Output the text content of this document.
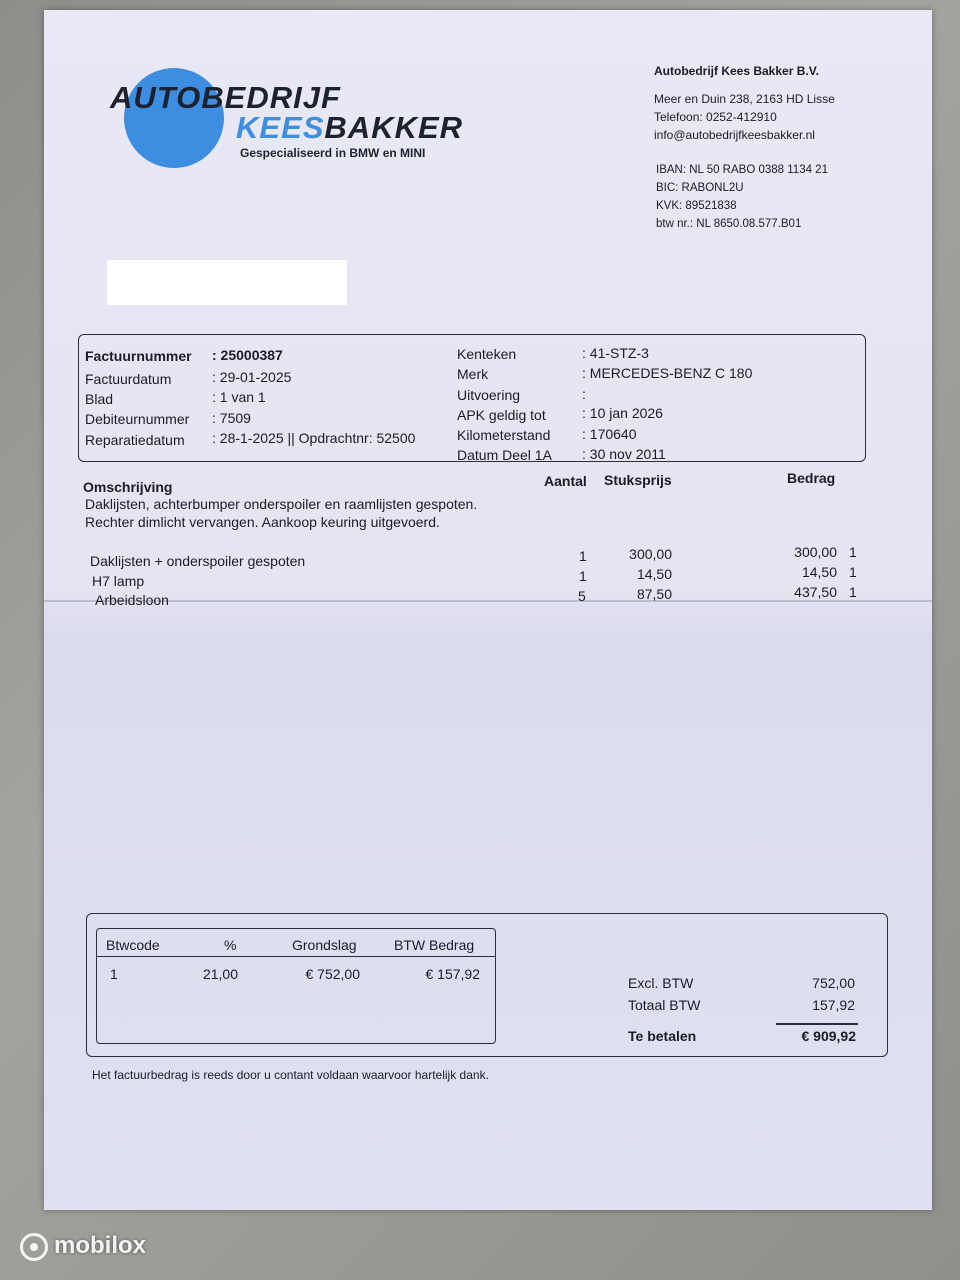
AUTOBEDRIJF
KEESBAKKER
Gespecialiseerd in BMW en MINI
Autobedrijf Kees Bakker B.V.
Meer en Duin 238, 2163 HD Lisse
Telefoon: 0252-412910
info@autobedrijfkeesbakker.nl
IBAN: NL 50 RABO 0388 1134 21
BIC: RABONL2U
KVK: 89521838
btw nr.: NL 8650.08.577.B01
Factuurnummer : 25000387
Factuurdatum	: 29-01-2025
Blad	: 1 van 1
Debiteurnummer : 7509
Reparatiedatum : 28-1-2025 || Opdrachtnr: 52500
Kenteken	: 41-STZ-3
Merk	: MERCEDES-BENZ C 180
Uitvoering	:
APK geldig tot	: 10 jan 2026
Kilometerstand : 170640
Datum Deel 1A : 30 nov 2011
Omschrijving	Aantal Stuksprijs	Bedrag
Daklijsten, achterbumper onderspoiler en raamlijsten gespoten.
Rechter dimlicht vervangen. Aankoop keuring uitgevoerd.
Daklijsten + onderspoiler gespoten	1	300,00	300,00 1
H7 lamp	1	14,50	14,50 1
Arbeidsloon	5	87,50	437,50 1
Btwcode	%	Grondslag	BTW Bedrag
1	21,00	€ 752,00	€ 157,92
Excl. BTW	752,00
Totaal BTW	157,92
Te betalen	€ 909,92
Het factuurbedrag is reeds door u contant voldaan waarvoor hartelijk dank.
mobilox
